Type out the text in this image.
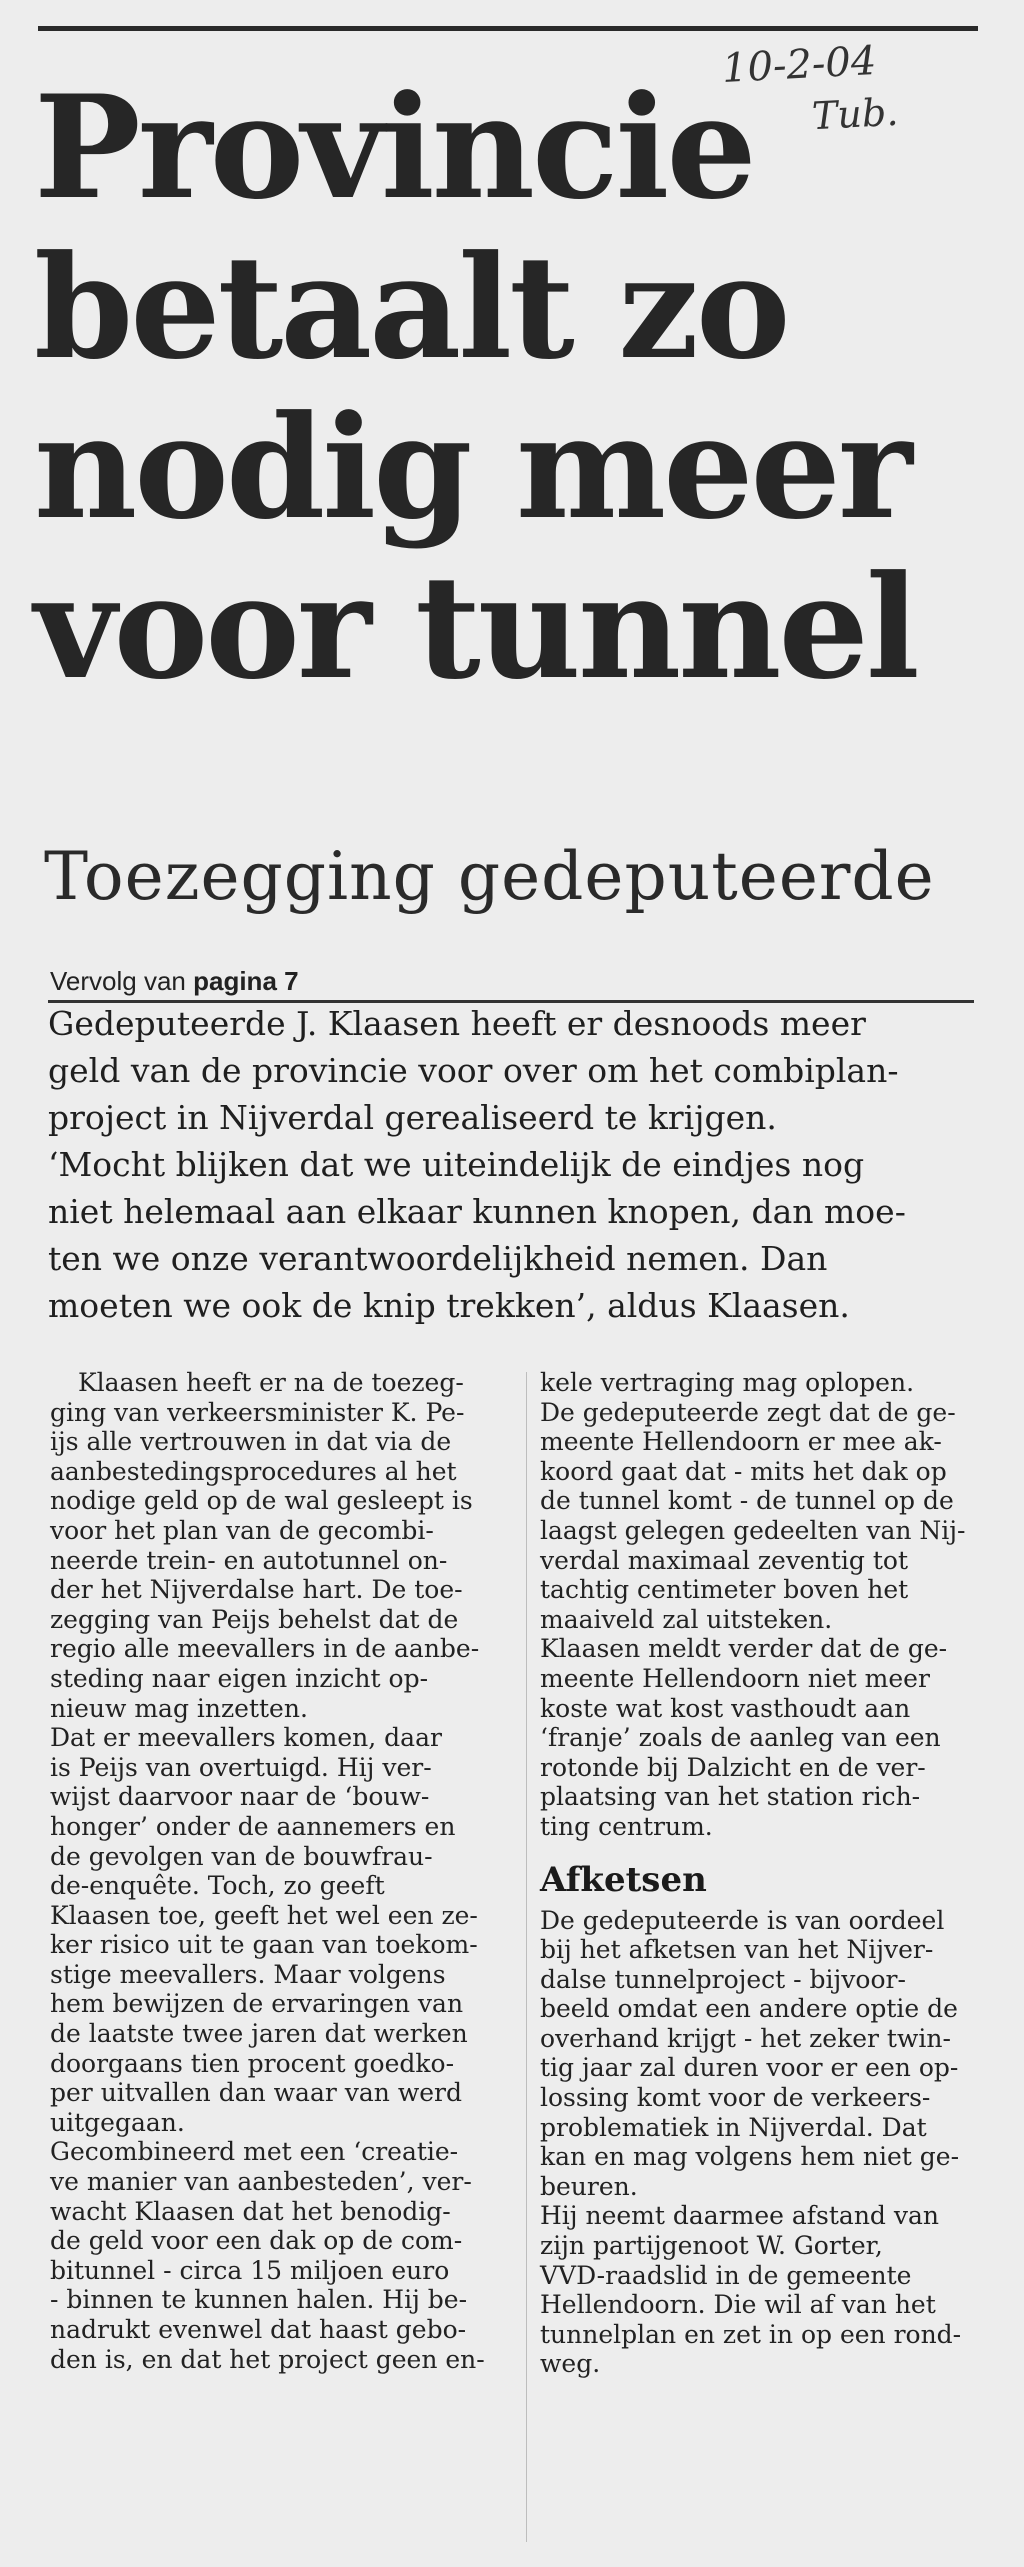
10-2-04
Tub.
Provincie
betaalt zo
nodig meer
voor tunnel
Toezegging gedeputeerde
Vervolg van pagina 7
Gedeputeerde J. Klaasen heeft er desnoods meer
geld van de provincie voor over om het combiplan-
project in Nijverdal gerealiseerd te krijgen.
‘Mocht blijken dat we uiteindelijk de eindjes nog
niet helemaal aan elkaar kunnen knopen, dan moe-
ten we onze verantwoordelijkheid nemen. Dan
moeten we ook de knip trekken’, aldus Klaasen.
Klaasen heeft er na de toezeg-
ging van verkeersminister K. Pe-
ijs alle vertrouwen in dat via de
aanbestedingsprocedures al het
nodige geld op de wal gesleept is
voor het plan van de gecombi-
neerde trein- en autotunnel on-
der het Nijverdalse hart. De toe-
zegging van Peijs behelst dat de
regio alle meevallers in de aanbe-
steding naar eigen inzicht op-
nieuw mag inzetten.
Dat er meevallers komen, daar
is Peijs van overtuigd. Hij ver-
wijst daarvoor naar de ‘bouw-
honger’ onder de aannemers en
de gevolgen van de bouwfrau-
de-enquête. Toch, zo geeft
Klaasen toe, geeft het wel een ze-
ker risico uit te gaan van toekom-
stige meevallers. Maar volgens
hem bewijzen de ervaringen van
de laatste twee jaren dat werken
doorgaans tien procent goedko-
per uitvallen dan waar van werd
uitgegaan.
Gecombineerd met een ‘creatie-
ve manier van aanbesteden’, ver-
wacht Klaasen dat het benodig-
de geld voor een dak op de com-
bitunnel - circa 15 miljoen euro
- binnen te kunnen halen. Hij be-
nadrukt evenwel dat haast gebo-
den is, en dat het project geen en-
kele vertraging mag oplopen.
De gedeputeerde zegt dat de ge-
meente Hellendoorn er mee ak-
koord gaat dat - mits het dak op
de tunnel komt - de tunnel op de
laagst gelegen gedeelten van Nij-
verdal maximaal zeventig tot
tachtig centimeter boven het
maaiveld zal uitsteken.
Klaasen meldt verder dat de ge-
meente Hellendoorn niet meer
koste wat kost vasthoudt aan
‘franje’ zoals de aanleg van een
rotonde bij Dalzicht en de ver-
plaatsing van het station rich-
ting centrum.
Afketsen
De gedeputeerde is van oordeel
bij het afketsen van het Nijver-
dalse tunnelproject - bijvoor-
beeld omdat een andere optie de
overhand krijgt - het zeker twin-
tig jaar zal duren voor er een op-
lossing komt voor de verkeers-
problematiek in Nijverdal. Dat
kan en mag volgens hem niet ge-
beuren.
Hij neemt daarmee afstand van
zijn partijgenoot W. Gorter,
VVD-raadslid in de gemeente
Hellendoorn. Die wil af van het
tunnelplan en zet in op een rond-
weg.
